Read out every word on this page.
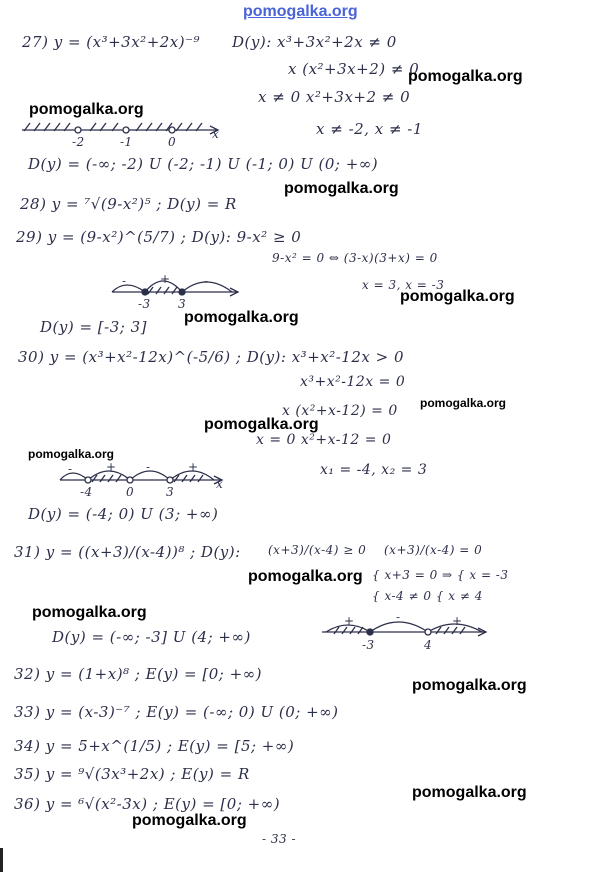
pomogalka.org
27) y = (x³+3x²+2x)⁻⁹ D(y): x³+3x²+2x ≠ 0
x (x²+3x+2) ≠ 0
x ≠ 0 x²+3x+2 ≠ 0
x ≠ -2, x ≠ -1
D(y) = (-∞; -2) U (-2; -1) U (-1; 0) U (0; +∞)
28) y = ⁷√(9-x²)⁵ ; D(y) = R
29) y = (9-x²)^(5/7) ; D(y): 9-x² ≥ 0
9-x² = 0 ⇔ (3-x)(3+x) = 0
x = 3, x = -3
D(y) = [-3; 3]
30) y = (x³+x²-12x)^(-5/6) ; D(y): x³+x²-12x > 0
x³+x²-12x = 0
x (x²+x-12) = 0
x = 0 x²+x-12 = 0
x₁ = -4, x₂ = 3
D(y) = (-4; 0) U (3; +∞)
31) y = ((x+3)/(x-4))⁸ ; D(y): (x+3)/(x-4) ≥ 0 (x+3)/(x-4) = 0
{ x+3 = 0 ⇒ { x = -3
{ x-4 ≠ 0 { x ≠ 4
D(y) = (-∞; -3] U (4; +∞)
32) y = (1+x)⁸ ; E(y) = [0; +∞)
33) y = (x-3)⁻⁷ ; E(y) = (-∞; 0) U (0; +∞)
34) y = 5+x^(1/5) ; E(y) = [5; +∞)
35) y = ⁹√(3x³+2x) ; E(y) = R
36) y = ⁶√(x²-3x) ; E(y) = [0; +∞)
- 33 -
-2	-1	0
x
-3 3
-	+	-
-4	0	3
-	+ -	+
x
-3	4
+	-	+
pomogalka.org
pomogalka.org
pomogalka.org
pomogalka.org
pomogalka.org
pomogalka.org
pomogalka.org
pomogalka.org
pomogalka.org
pomogalka.org
pomogalka.org
pomogalka.org
pomogalka.org
